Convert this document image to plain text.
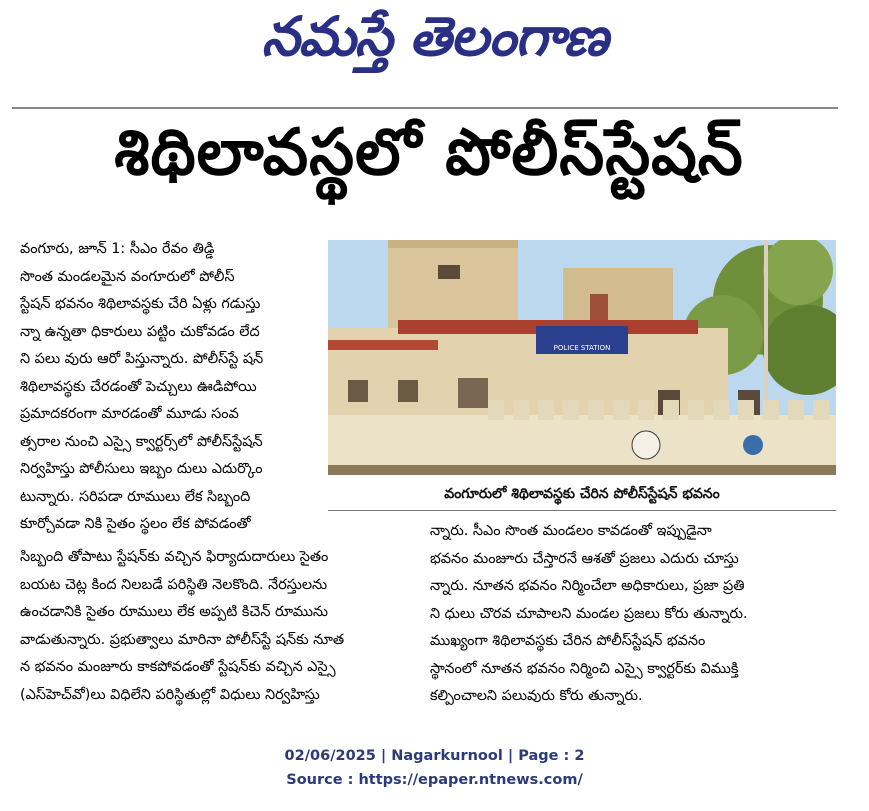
నమస్తే తెలంగాణ
శిథిలావస్థలో పోలీస్‌స్టేషన్
వంగూరు, జూన్ 1: సీఎం రేవం తిడ్డి
సొంత మండలమైన వంగూరులో పోలీస్
స్టేషన్ భవనం శిథిలావస్థకు చేరి ఏళ్లు గడుస్తు
న్నా ఉన్నతా ధికారులు పట్టిం చుకోవడం లేద
ని పలు వురు ఆరో పిస్తున్నారు. పోలీస్‌స్టే షన్
శిథిలావస్థకు చేరడంతో పెచ్చులు ఊడిపోయి
ప్రమాదకరంగా మారడంతో మూడు సంవ
త్సరాల నుంచి ఎస్సై క్వార్టర్స్‌లో పోలీస్‌స్టేషన్
నిర్వహిస్తు పోలీసులు ఇబ్బం దులు ఎదుర్కొం
టున్నారు. సరిపడా రూములు లేక సిబ్బంది
కూర్చోవడా నికి సైతం స్థలం లేక పోవడంతో
POLICE STATION
వంగూరులో శిథిలావస్థకు చేరిన పోలీస్‌స్టేషన్ భవనం
సిబ్బంది తోపాటు స్టేషన్‌కు వచ్చిన ఫిర్యాదుదారులు సైతం
బయట చెట్ల కింద నిలబడే పరిస్థితి నెలకొంది. నేరస్తులను
ఉంచడానికి సైతం రూములు లేక అప్పటి కిచెన్ రూమును
వాడుతున్నారు. ప్రభుత్వాలు మారినా పోలీస్‌స్టే షన్‌కు నూత
న భవనం మంజూరు కాకపోవడంతో స్టేషన్‌కు వచ్చిన ఎస్సై
(ఎస్‌హెచ్‌వో)లు విధిలేని పరిస్థితుల్లో విధులు నిర్వహిస్తు
న్నారు. సీఎం సొంత మండలం కావడంతో ఇప్పుడైనా
భవనం మంజూరు చేస్తారనే ఆశతో ప్రజలు ఎదురు చూస్తు
న్నారు. నూతన భవనం నిర్మించేలా అధికారులు, ప్రజా ప్రతి
ని ధులు చొరవ చూపాలని మండల ప్రజలు కోరు తున్నారు.
ముఖ్యంగా శిథిలావస్థకు చేరిన పోలీస్‌స్టేషన్ భవనం
స్థానంలో నూతన భవనం నిర్మించి ఎస్సై క్వార్టర్‌కు విముక్తి
కల్పించాలని పలువురు కోరు తున్నారు.
02/06/2025 | Nagarkurnool | Page : 2
Source : https://epaper.ntnews.com/
